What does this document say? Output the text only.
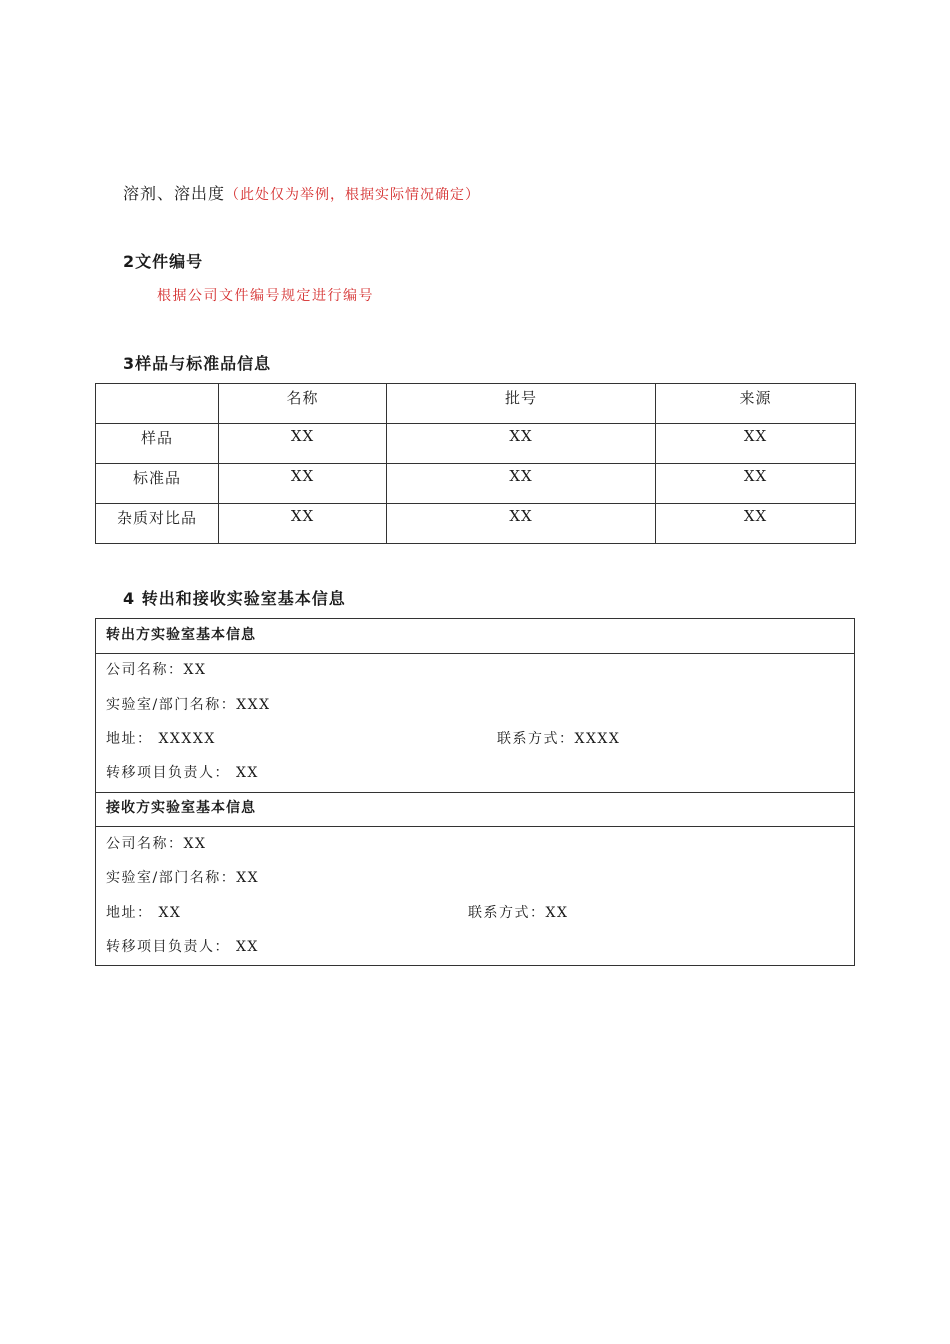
溶剂、溶出度（此处仅为举例，根据实际情况确定）
2文件编号
根据公司文件编号规定进行编号
3样品与标准品信息
	名称	批号	来源
样品	XX	XX	XX
标准品	XX	XX	XX
杂质对比品	XX	XX	XX
4 转出和接收实验室基本信息
转出方实验室基本信息
公司名称：XX
实验室/部门名称：XXX
地址： XXXXX	联系方式：XXXX
转移项目负责人： XX
接收方实验室基本信息
公司名称：XX
实验室/部门名称：XX
地址： XX	联系方式：XX
转移项目负责人： XX
